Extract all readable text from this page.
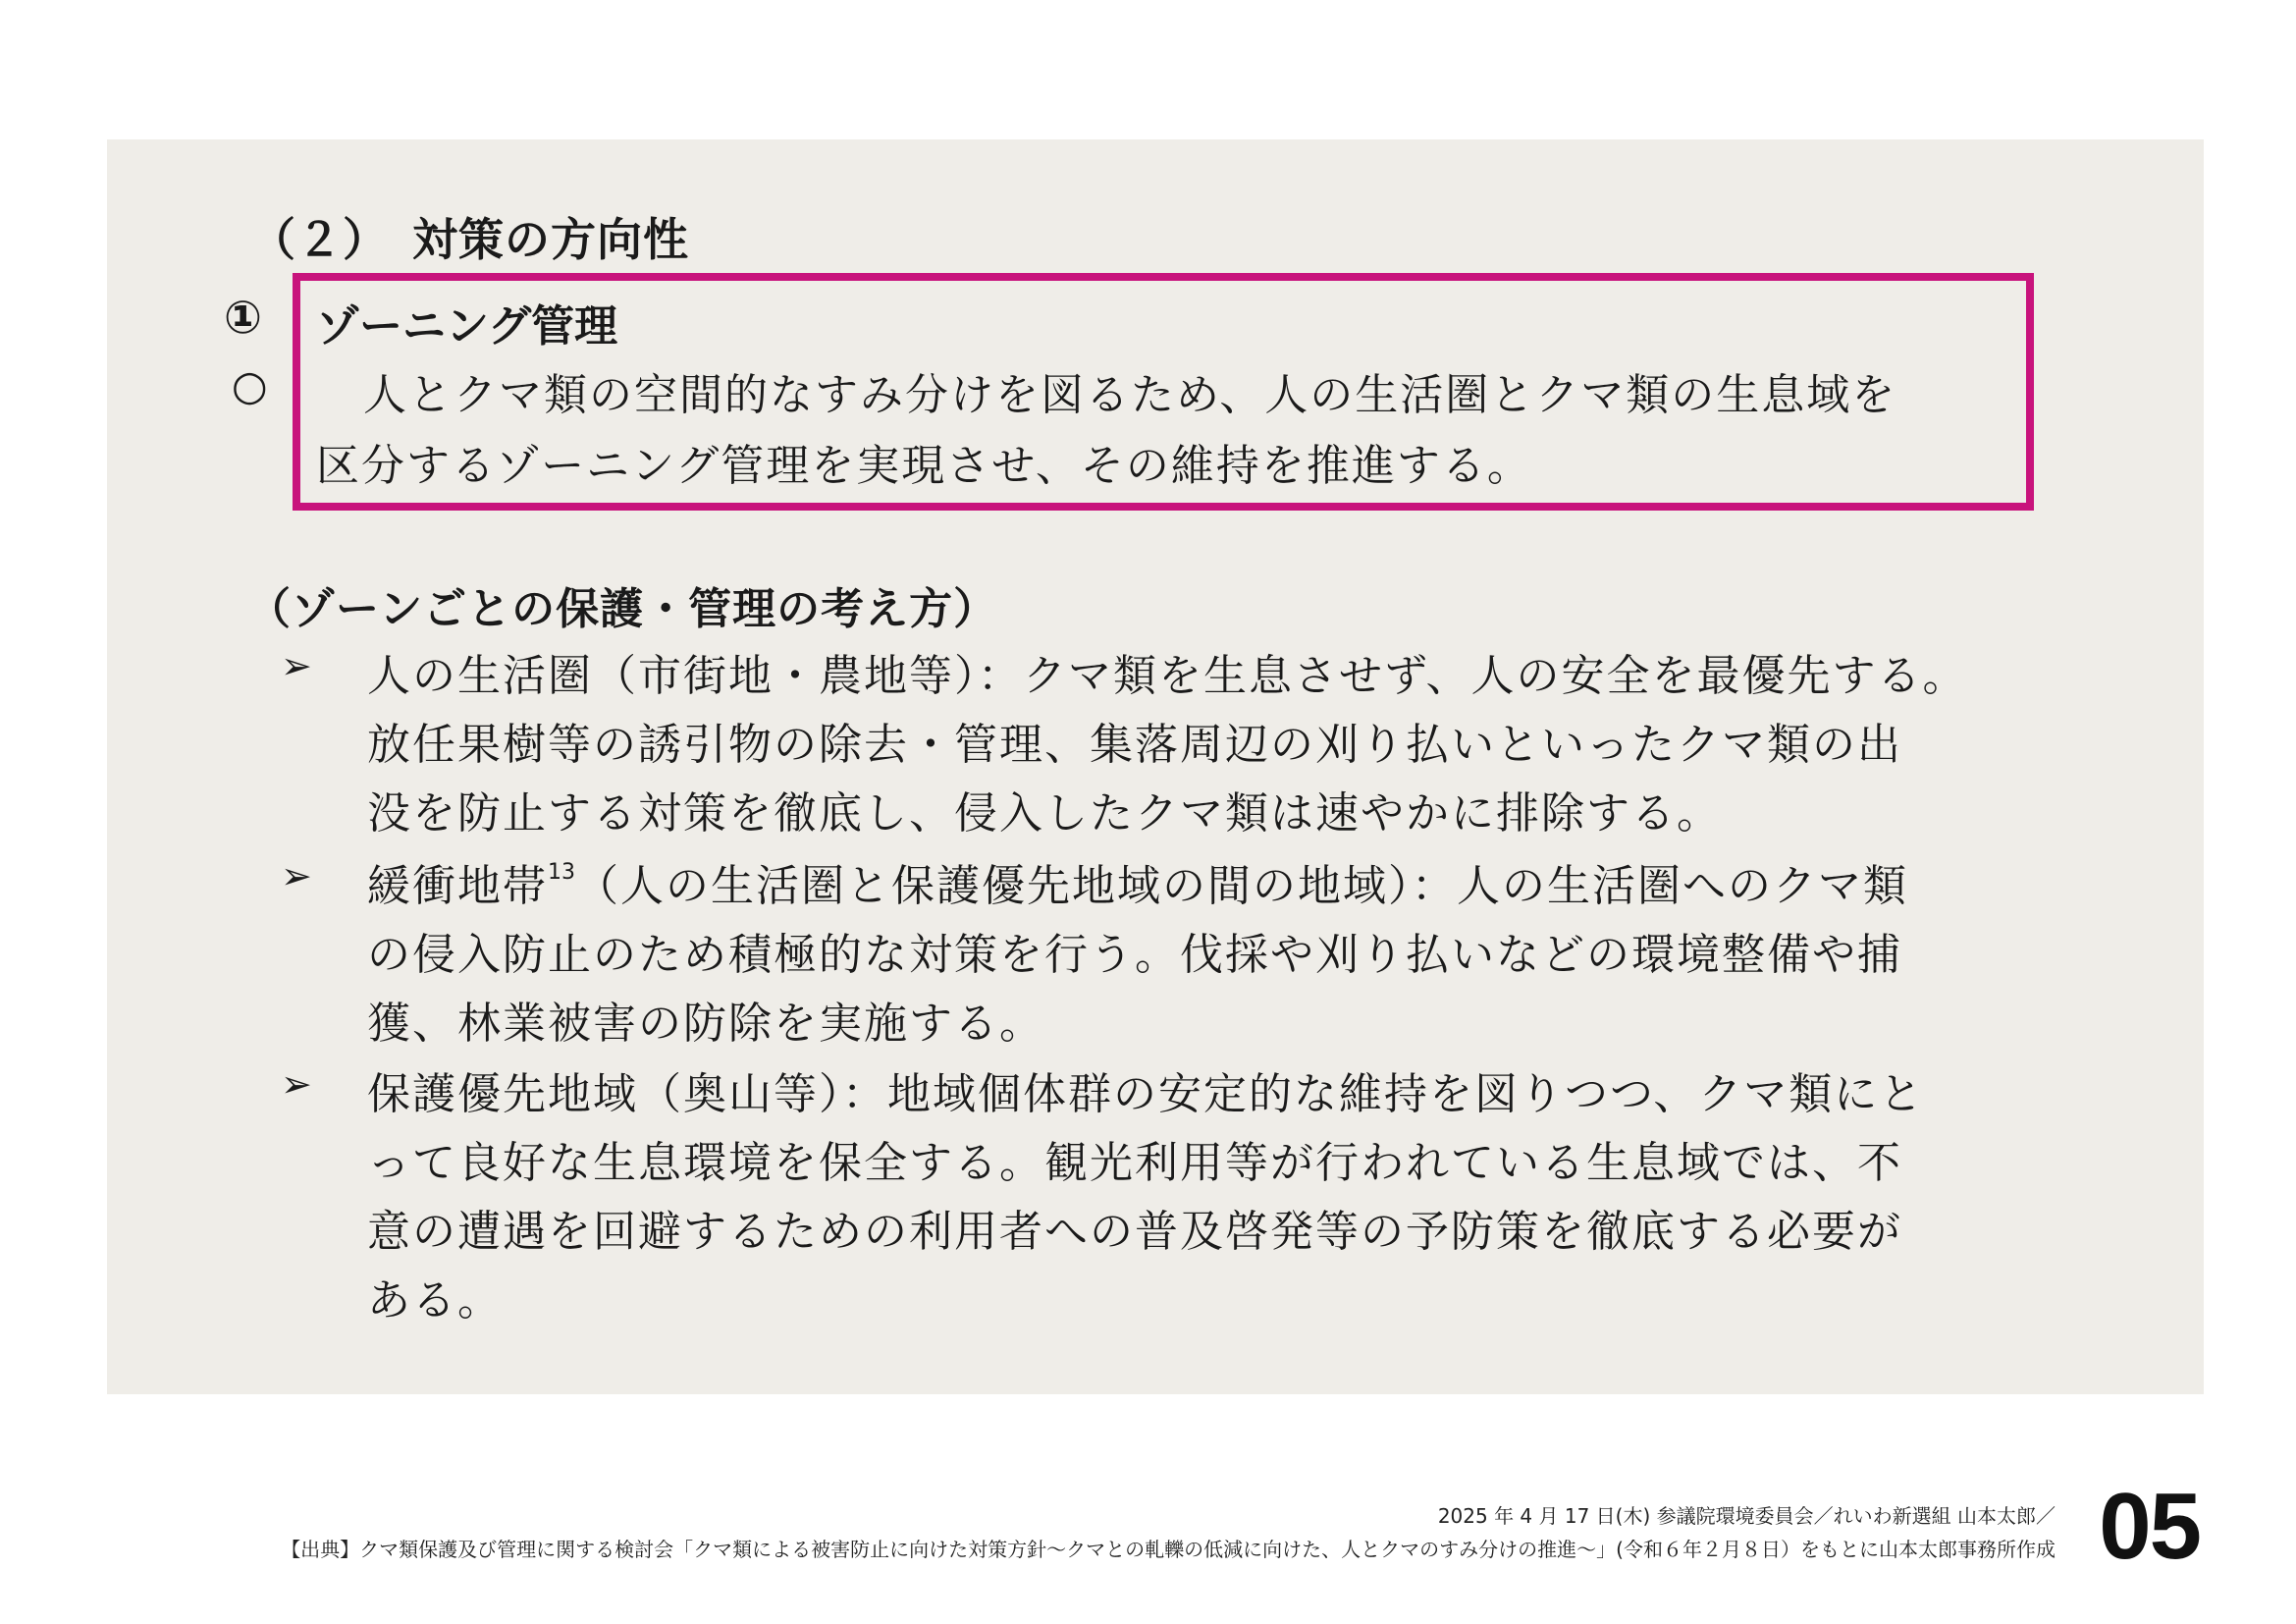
（２）　対策の方向性
① ゾーニング管理
○ 人とクマ類の空間的なすみ分けを図るため、人の生活圏とクマ類の生息域を
区分するゾーニング管理を実現させ、その維持を推進する。
（ゾーンごとの保護・管理の考え方）
➢ 人の生活圏（市街地・農地等）：クマ類を生息させず、人の安全を最優先する。
放任果樹等の誘引物の除去・管理、集落周辺の刈り払いといったクマ類の出
没を防止する対策を徹底し、侵入したクマ類は速やかに排除する。
➢ 緩衝地帯$^{13}$（人の生活圏と保護優先地域の間の地域）：人の生活圏へのクマ類
の侵入防止のため積極的な対策を行う。伐採や刈り払いなどの環境整備や捕
獲、林業被害の防除を実施する。
➢ 保護優先地域（奥山等）：地域個体群の安定的な維持を図りつつ、クマ類にと
って良好な生息環境を保全する。観光利用等が行われている生息域では、不
意の遭遇を回避するための利用者への普及啓発等の予防策を徹底する必要が
ある。
2025 年 4 月 17 日(木) 参議院環境委員会／れいわ新選組 山本太郎／
【出典】クマ類保護及び管理に関する検討会「クマ類による被害防止に向けた対策方針〜クマとの軋轢の低減に向けた、人とクマのすみ分けの推進〜」(令和６年２月８日）をもとに山本太郎事務所作成 05
